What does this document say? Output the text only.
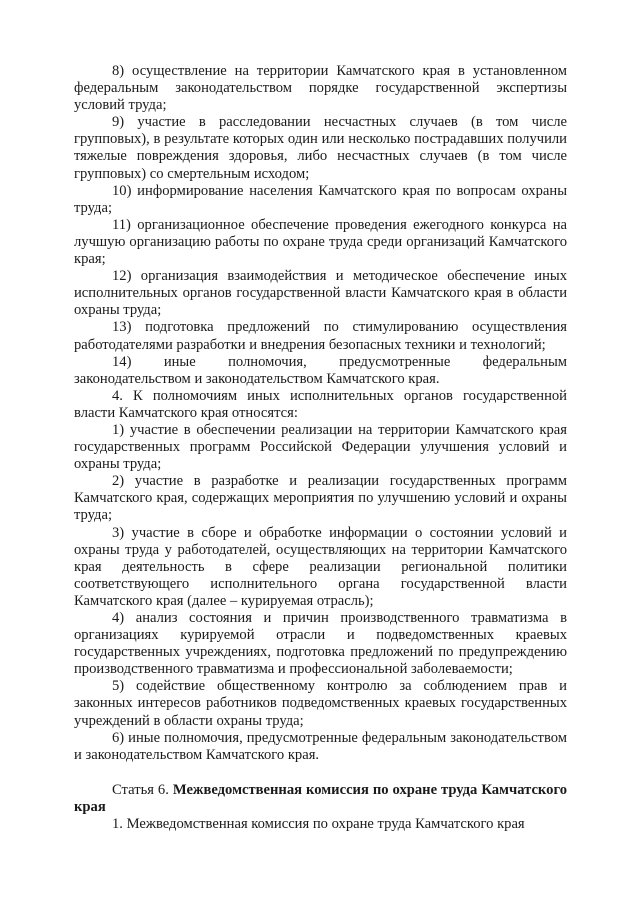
8) осуществление на территории Камчатского края в установленном федеральным законодательством порядке государственной экспертизы условий труда;

9) участие в расследовании несчастных случаев (в том числе групповых), в результате которых один или несколько пострадавших получили тяжелые повреждения здоровья, либо несчастных случаев (в том числе групповых) со смертельным исходом;

10) информирование населения Камчатского края по вопросам охраны труда;

11) организационное обеспечение проведения ежегодного конкурса на лучшую организацию работы по охране труда среди организаций Камчатского края;

12) организация взаимодействия и методическое обеспечение иных исполнительных органов государственной власти Камчатского края в области охраны труда;

13) подготовка предложений по стимулированию осуществления работодателями разработки и внедрения безопасных техники и технологий;

14) иные полномочия, предусмотренные федеральным законодательством и законодательством Камчатского края.

4. К полномочиям иных исполнительных органов государственной власти Камчатского края относятся:

1) участие в обеспечении реализации на территории Камчатского края государственных программ Российской Федерации улучшения условий и охраны труда;

2) участие в разработке и реализации государственных программ Камчатского края, содержащих мероприятия по улучшению условий и охраны труда;

3) участие в сборе и обработке информации о состоянии условий и охраны труда у работодателей, осуществляющих на территории Камчатского края деятельность в сфере реализации региональной политики соответствующего исполнительного органа государственной власти Камчатского края (далее – курируемая отрасль);

4) анализ состояния и причин производственного травматизма в организациях курируемой отрасли и подведомственных краевых государственных учреждениях, подготовка предложений по предупреждению производственного травматизма и профессиональной заболеваемости;

5) содействие общественному контролю за соблюдением прав и законных интересов работников подведомственных краевых государственных учреждений в области охраны труда;

6) иные полномочия, предусмотренные федеральным законодательством и законодательством Камчатского края.

Статья 6. Межведомственная комиссия по охране труда Камчатского края

1. Межведомственная комиссия по охране труда Камчатского края
